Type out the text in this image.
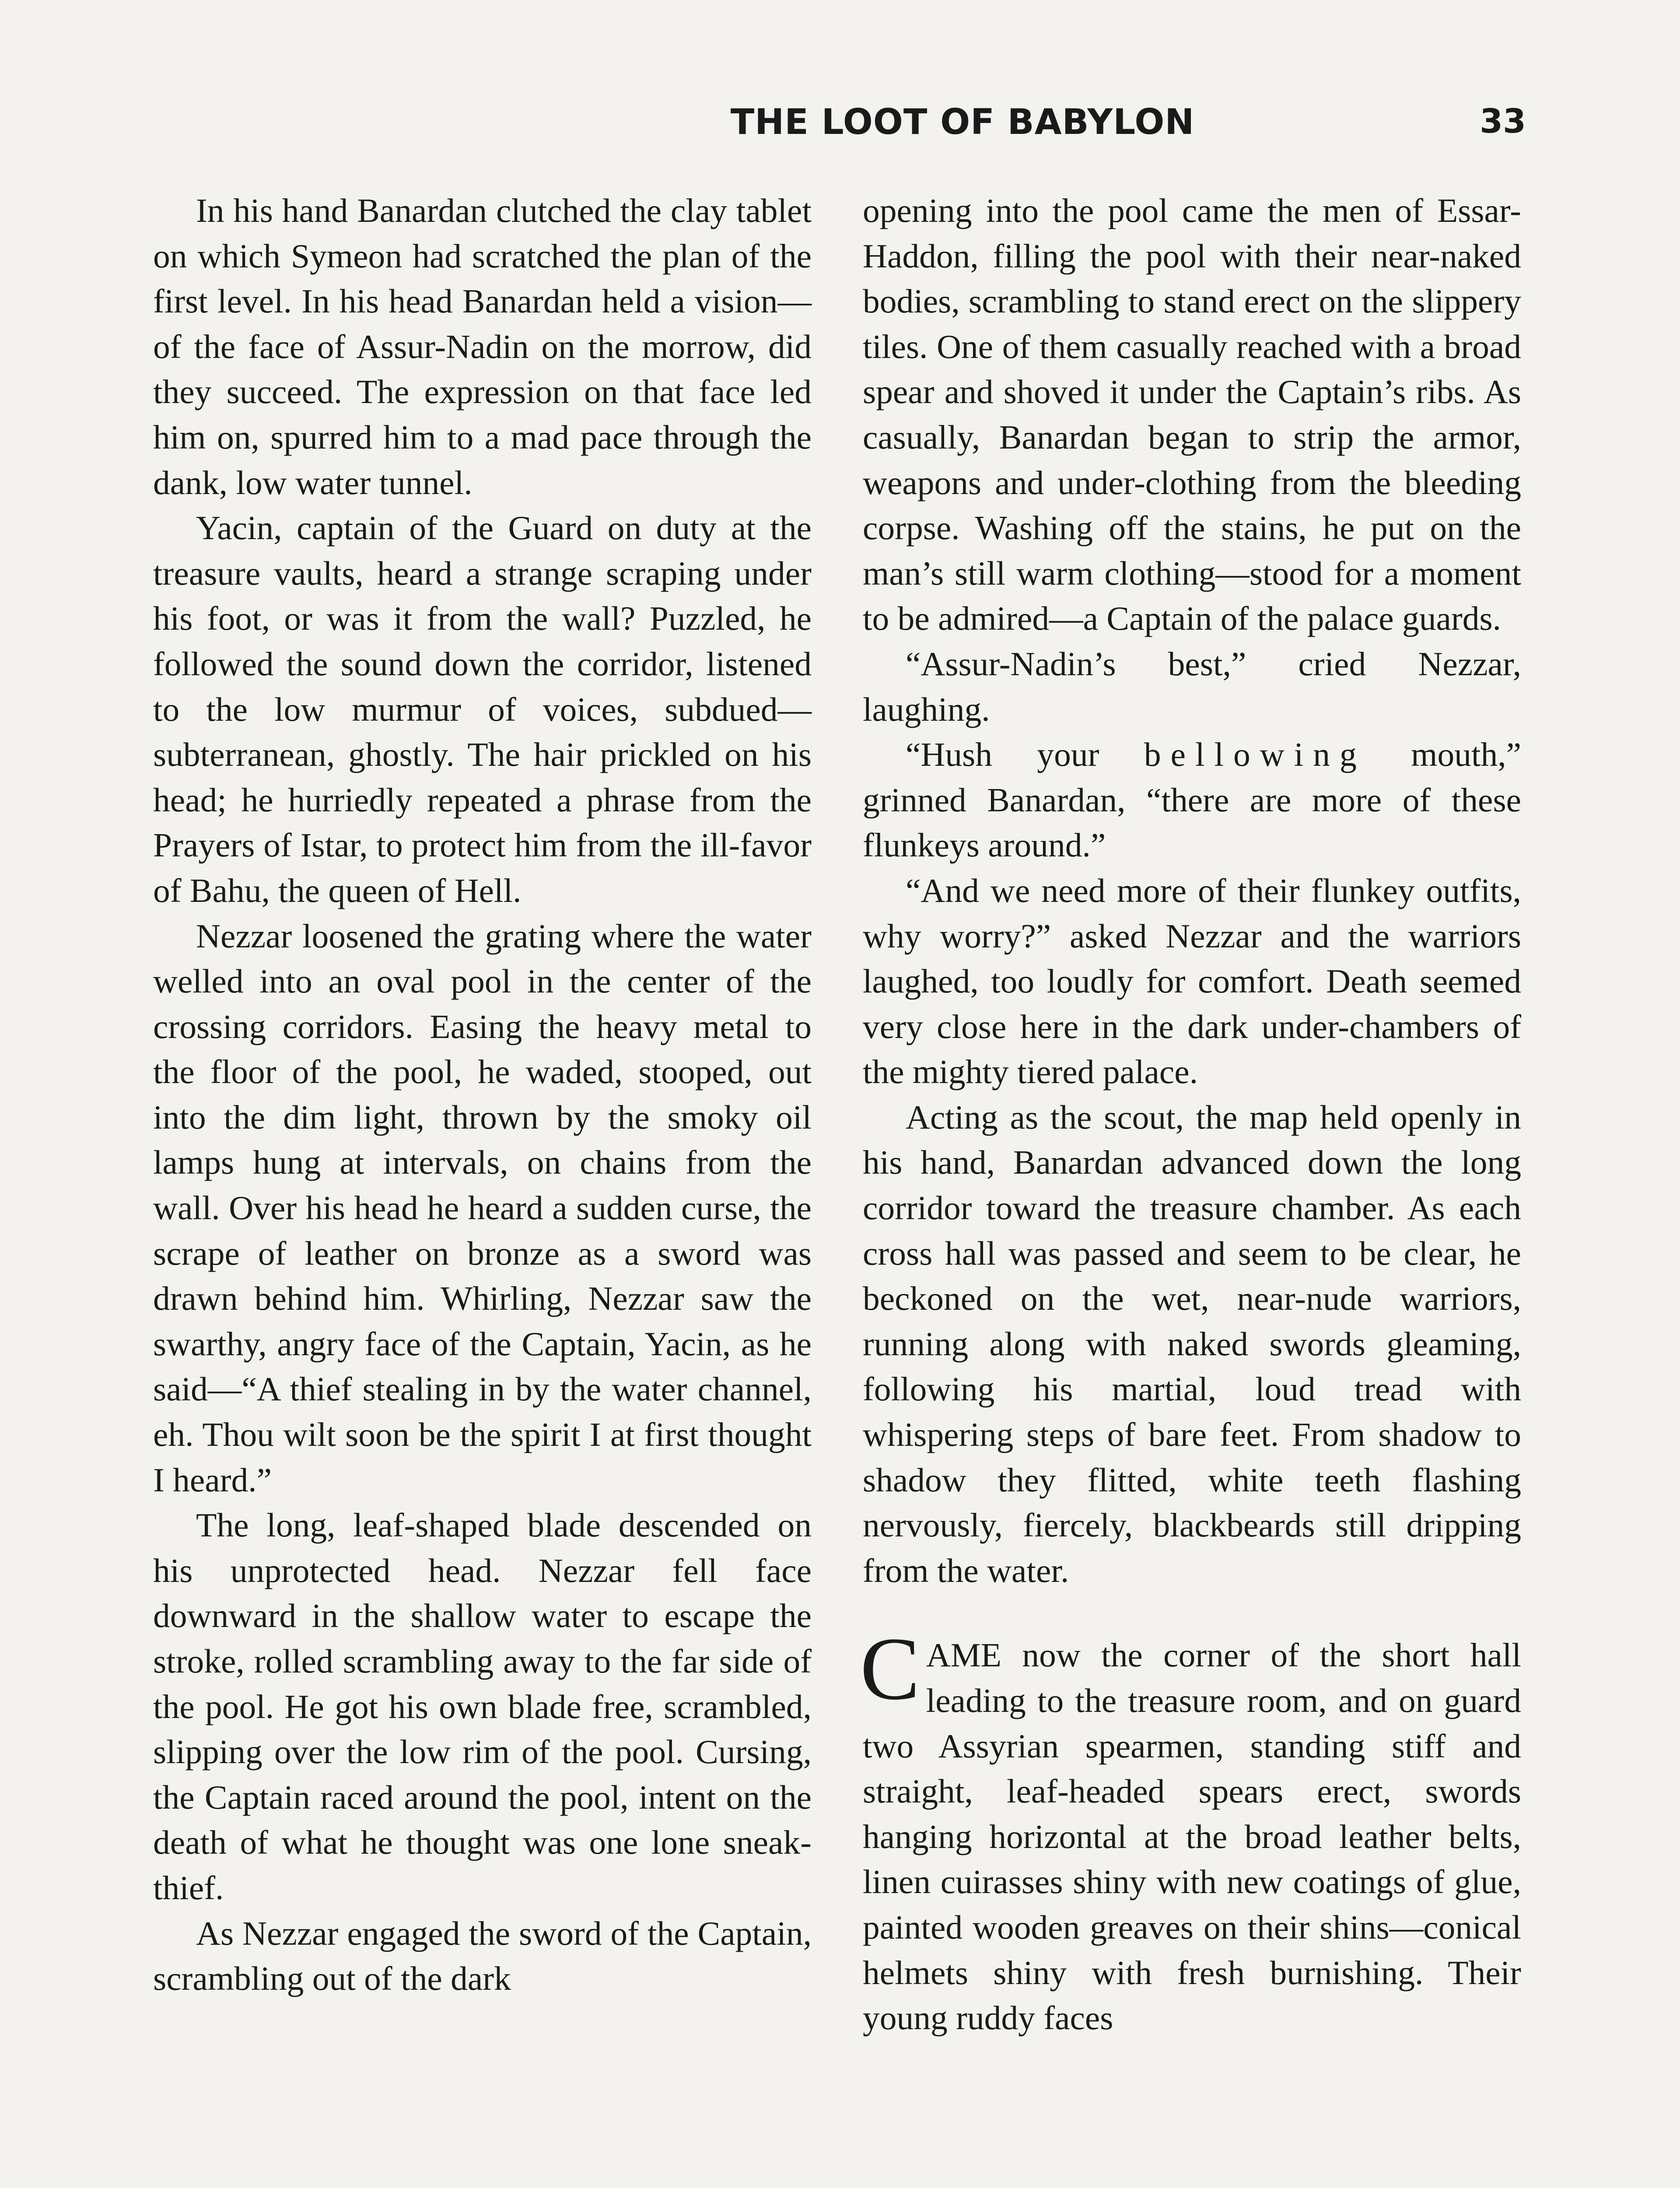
THE LOOT OF BABYLON	33

In his hand Banardan clutched the clay tablet on which Symeon had scratched the plan of the first level. In his head Banardan held a vision—of the face of Assur-Nadin on the morrow, did they succeed. The expression on that face led him on, spurred him to a mad pace through the dank, low water tunnel.

Yacin, captain of the Guard on duty at the treasure vaults, heard a strange scraping under his foot, or was it from the wall? Puzzled, he followed the sound down the corridor, listened to the low murmur of voices, subdued—subterranean, ghostly. The hair prickled on his head; he hurriedly repeated a phrase from the Prayers of Istar, to protect him from the ill-favor of Bahu, the queen of Hell.

Nezzar loosened the grating where the water welled into an oval pool in the center of the crossing corridors. Easing the heavy metal to the floor of the pool, he waded, stooped, out into the dim light, thrown by the smoky oil lamps hung at intervals, on chains from the wall. Over his head he heard a sudden curse, the scrape of leather on bronze as a sword was drawn behind him. Whirling, Nezzar saw the swarthy, angry face of the Captain, Yacin, as he said—“A thief stealing in by the water channel, eh. Thou wilt soon be the spirit I at first thought I heard.”

The long, leaf-shaped blade descended on his unprotected head. Nezzar fell face downward in the shallow water to escape the stroke, rolled scrambling away to the far side of the pool. He got his own blade free, scrambled, slipping over the low rim of the pool. Cursing, the Captain raced around the pool, intent on the death of what he thought was one lone sneak-thief.

As Nezzar engaged the sword of the Captain, scrambling out of the dark

opening into the pool came the men of Essar-Haddon, filling the pool with their near-naked bodies, scrambling to stand erect on the slippery tiles. One of them casually reached with a broad spear and shoved it under the Captain’s ribs. As casually, Banardan began to strip the armor, weapons and under-clothing from the bleeding corpse. Washing off the stains, he put on the man’s still warm clothing—stood for a moment to be admired—a Captain of the palace guards.

“Assur-Nadin’s best,” cried Nezzar, laughing.

“Hush your bellowing mouth,” grinned Banardan, “there are more of these flunkeys around.”

“And we need more of their flunkey outfits, why worry?” asked Nezzar and the warriors laughed, too loudly for comfort. Death seemed very close here in the dark under-chambers of the mighty tiered palace.

Acting as the scout, the map held openly in his hand, Banardan advanced down the long corridor toward the treasure chamber. As each cross hall was passed and seem to be clear, he beckoned on the wet, near-nude warriors, running along with naked swords gleaming, following his martial, loud tread with whispering steps of bare feet. From shadow to shadow they flitted, white teeth flashing nervously, fiercely, blackbeards still dripping from the water.

CAME now the corner of the short hall leading to the treasure room, and on guard two Assyrian spearmen, standing stiff and straight, leaf-headed spears erect, swords hanging horizontal at the broad leather belts, linen cuirasses shiny with new coatings of glue, painted wooden greaves on their shins—conical helmets shiny with fresh burnishing. Their young ruddy faces
